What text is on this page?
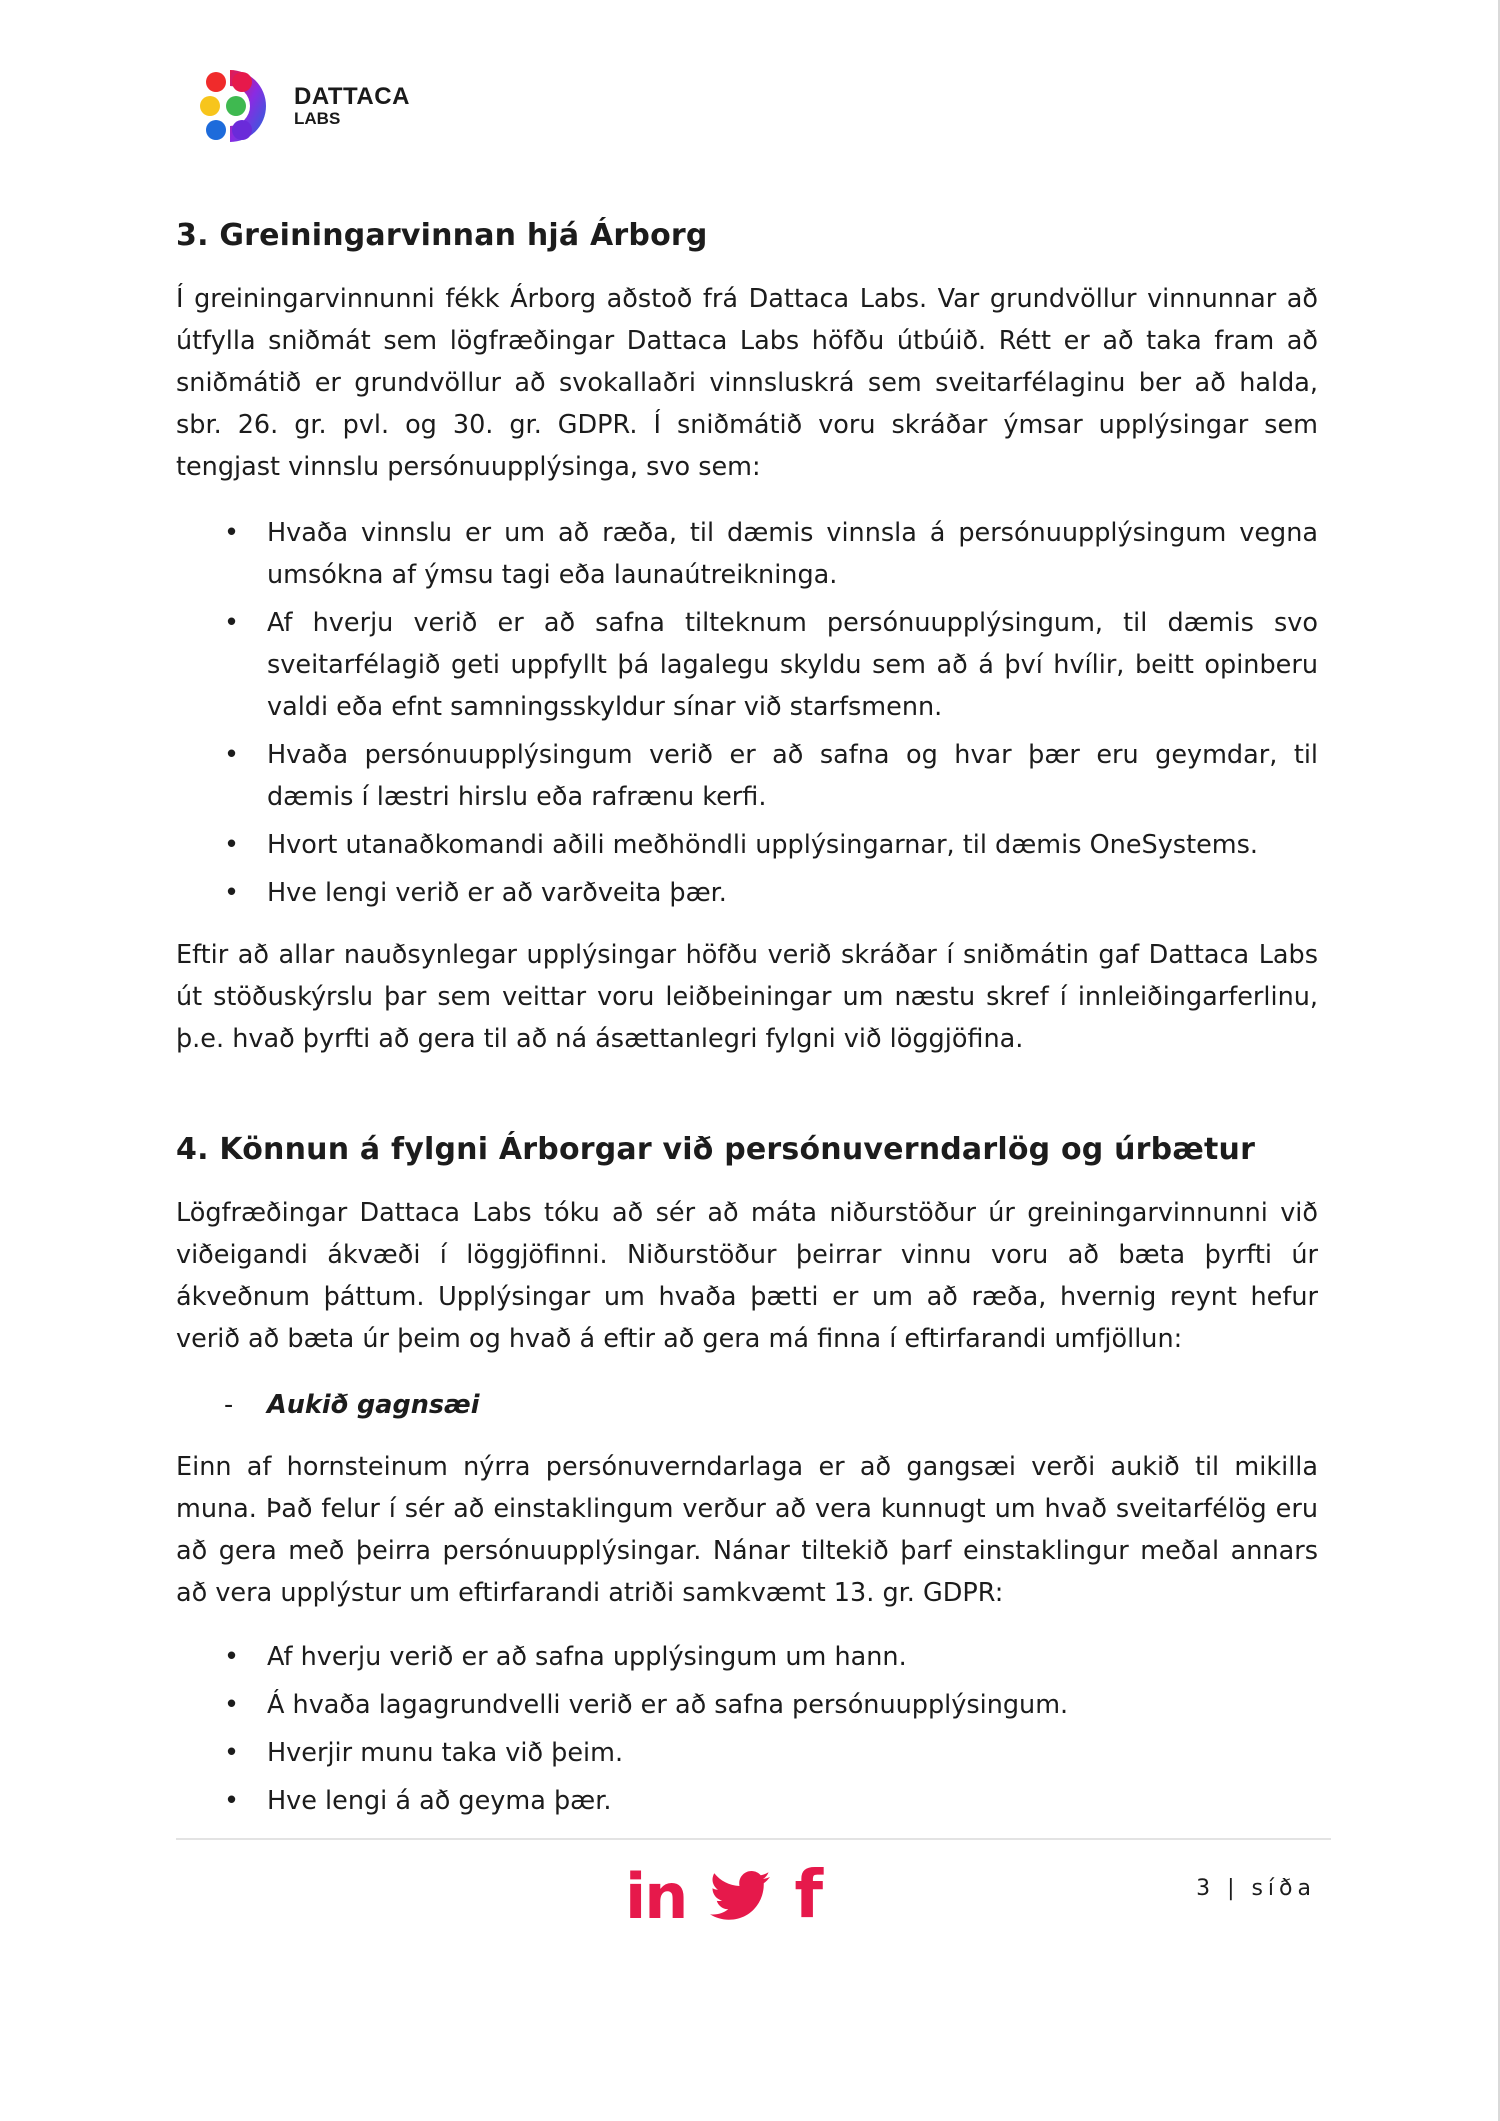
DATTACA
LABS
3. Greiningarvinnan hjá Árborg

Í greiningarvinnunni fékk Árborg aðstoð frá Dattaca Labs. Var grundvöllur vinnunnar að útfylla sniðmát sem lögfræðingar Dattaca Labs höfðu útbúið. Rétt er að taka fram að sniðmátið er grundvöllur að svokallaðri vinnsluskrá sem sveitarfélaginu ber að halda, sbr. 26. gr. pvl. og 30. gr. GDPR. Í sniðmátið voru skráðar ýmsar upplýsingar sem tengjast vinnslu persónuupplýsinga, svo sem:

• Hvaða vinnslu er um að ræða, til dæmis vinnsla á persónuupplýsingum vegna umsókna af ýmsu tagi eða launaútreikninga.
• Af hverju verið er að safna tilteknum persónuupplýsingum, til dæmis svo sveitarfélagið geti uppfyllt þá lagalegu skyldu sem að á því hvílir, beitt opinberu valdi eða efnt samningsskyldur sínar við starfsmenn.
• Hvaða persónuupplýsingum verið er að safna og hvar þær eru geymdar, til dæmis í læstri hirslu eða rafrænu kerfi.
• Hvort utanaðkomandi aðili meðhöndli upplýsingarnar, til dæmis OneSystems.
• Hve lengi verið er að varðveita þær.

Eftir að allar nauðsynlegar upplýsingar höfðu verið skráðar í sniðmátin gaf Dattaca Labs út stöðuskýrslu þar sem veittar voru leiðbeiningar um næstu skref í innleiðingarferlinu, þ.e. hvað þyrfti að gera til að ná ásættanlegri fylgni við löggjöfina.

4. Könnun á fylgni Árborgar við persónuverndarlög og úrbætur

Lögfræðingar Dattaca Labs tóku að sér að máta niðurstöður úr greiningarvinnunni við viðeigandi ákvæði í löggjöfinni. Niðurstöður þeirrar vinnu voru að bæta þyrfti úr ákveðnum þáttum. Upplýsingar um hvaða þætti er um að ræða, hvernig reynt hefur verið að bæta úr þeim og hvað á eftir að gera má finna í eftirfarandi umfjöllun:

- Aukið gagnsæi

Einn af hornsteinum nýrra persónuverndarlaga er að gangsæi verði aukið til mikilla muna. Það felur í sér að einstaklingum verður að vera kunnugt um hvað sveitarfélög eru að gera með þeirra persónuupplýsingar. Nánar tiltekið þarf einstaklingur meðal annars að vera upplýstur um eftirfarandi atriði samkvæmt 13. gr. GDPR:

• Af hverju verið er að safna upplýsingum um hann.
• Á hvaða lagagrundvelli verið er að safna persónuupplýsingum.
• Hverjir munu taka við þeim.
• Hve lengi á að geyma þær.
in f	3 | síða
